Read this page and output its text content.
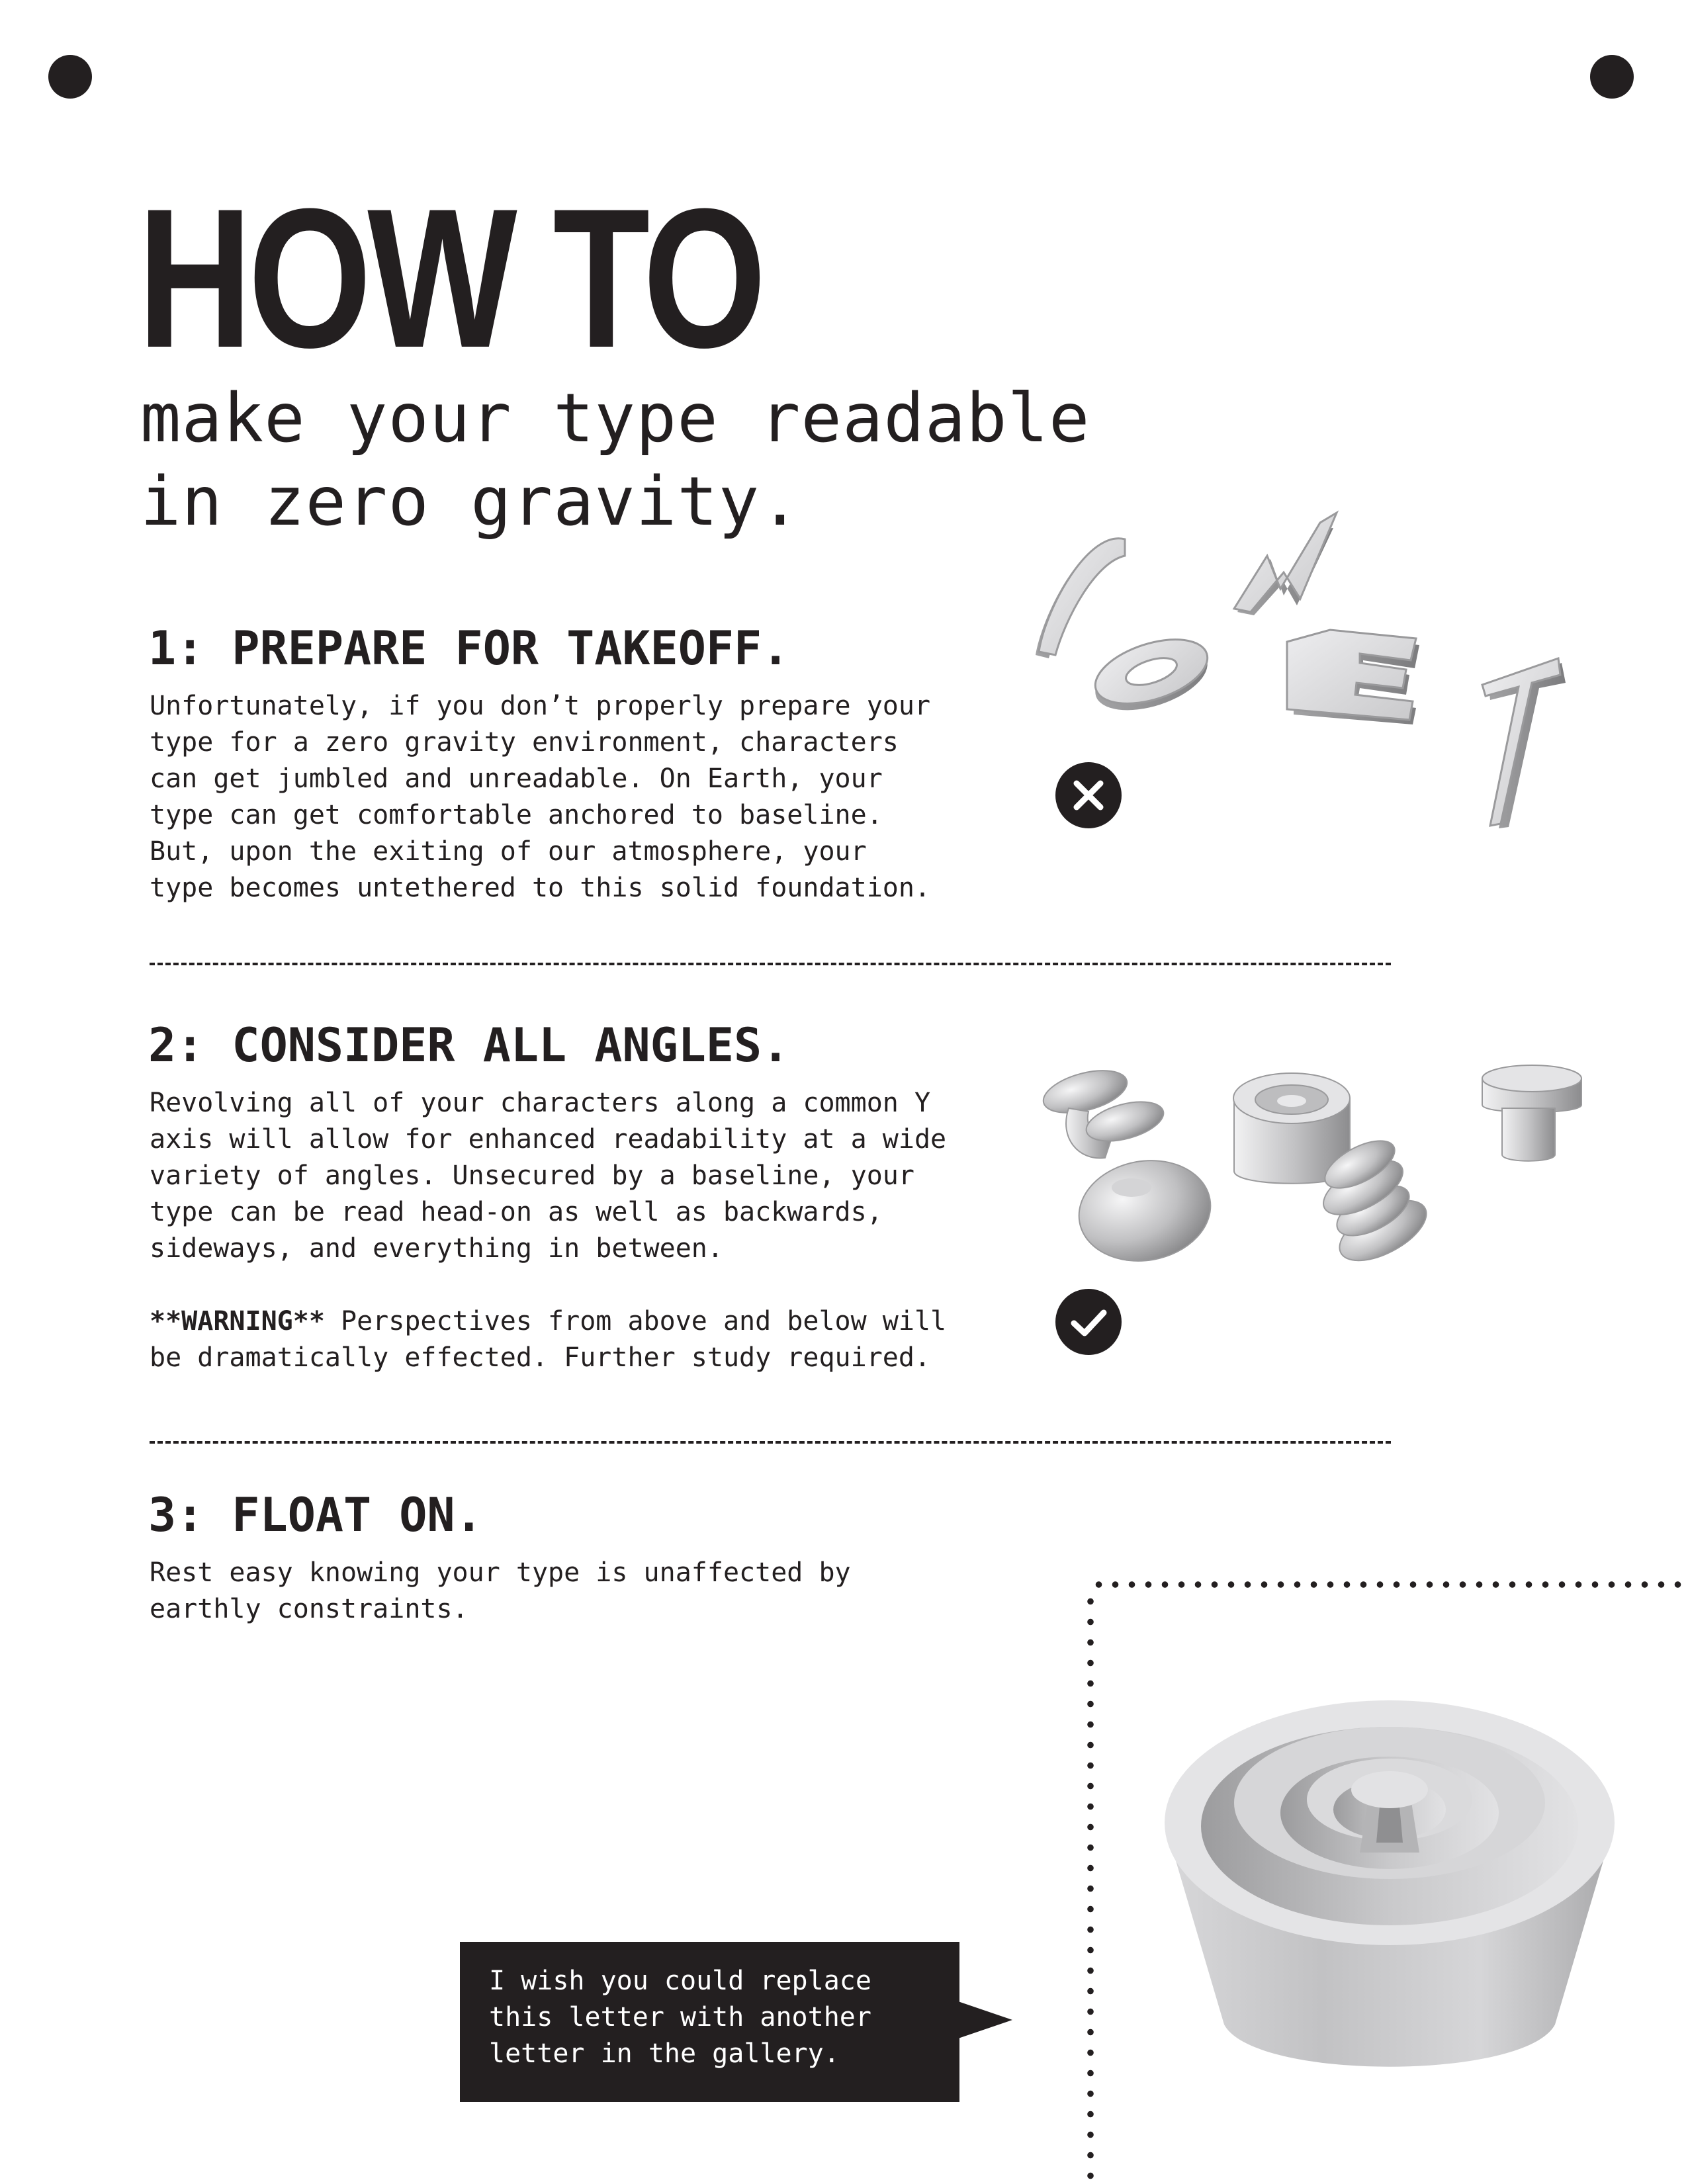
HOW TO
make your type readable
in zero gravity.
1: PREPARE FOR TAKEOFF.

Unfortunately, if you don’t properly prepare your
type for a zero gravity environment, characters
can get jumbled and unreadable. On Earth, your
type can get comfortable anchored to baseline.
But, upon the exiting of our atmosphere, your
type becomes untethered to this solid foundation.

2: CONSIDER ALL ANGLES.

Revolving all of your characters along a common Y
axis will allow for enhanced readability at a wide
variety of angles. Unsecured by a baseline, your
type can be read head-on as well as backwards,
sideways, and everything in between.

**WARNING** Perspectives from above and below will
be dramatically effected. Further study required.

3: FLOAT ON.

Rest easy knowing your type is unaffected by
earthly constraints.

I wish you could replace
this letter with another
letter in the gallery.
